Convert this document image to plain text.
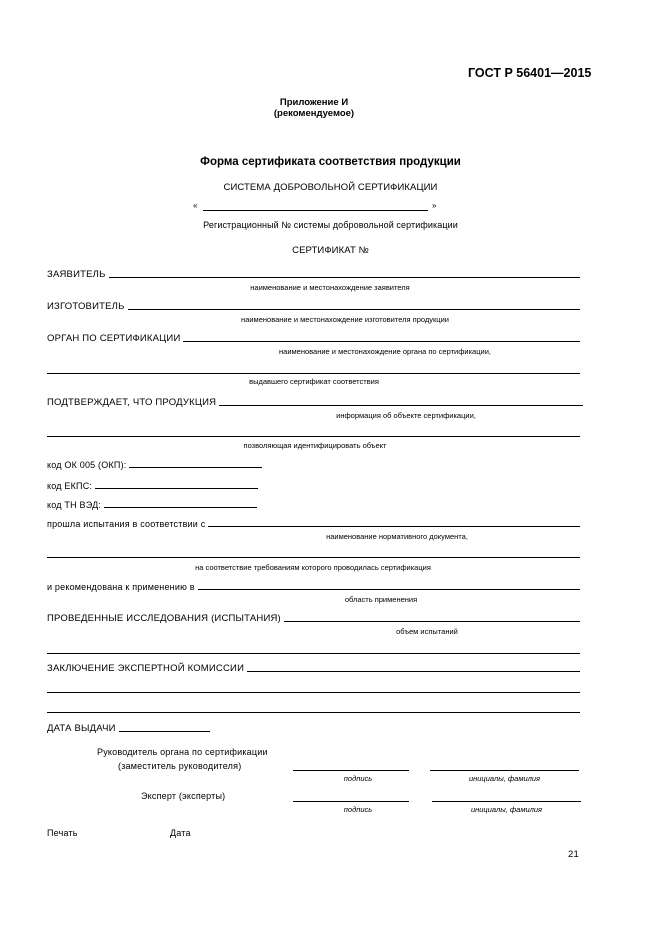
ГОСТ Р 56401—2015
Приложение И
(рекомендуемое)
Форма сертификата соответствия продукции
СИСТЕМА ДОБРОВОЛЬНОЙ СЕРТИФИКАЦИИ
«	»
Регистрационный № системы добровольной сертификации
СЕРТИФИКАТ №
ЗАЯВИТЕЛЬ
наименование и местонахождение заявителя
ИЗГОТОВИТЕЛЬ
наименование и местонахождение изготовителя продукции
ОРГАН ПО СЕРТИФИКАЦИИ
наименование и местонахождение органа по сертификации,
выдавшего сертификат соответствия
ПОДТВЕРЖДАЕТ, ЧТО ПРОДУКЦИЯ
информация об объекте сертификации,
позволяющая идентифицировать объект
код ОК 005 (ОКП):
код ЕКПС:
код ТН ВЭД:
прошла испытания в соответствии с
наименование нормативного документа,
на соответствие требованиям которого проводилась сертификация
и рекомендована к применению в
область применения
ПРОВЕДЕННЫЕ ИССЛЕДОВАНИЯ (ИСПЫТАНИЯ)
объем испытаний
ЗАКЛЮЧЕНИЕ ЭКСПЕРТНОЙ КОМИССИИ
ДАТА ВЫДАЧИ
Руководитель органа по сертификации
(заместитель руководителя)
подпись	инициалы, фамилия
Эксперт (эксперты)
подпись	инициалы, фамилия
Печать	Дата
21
